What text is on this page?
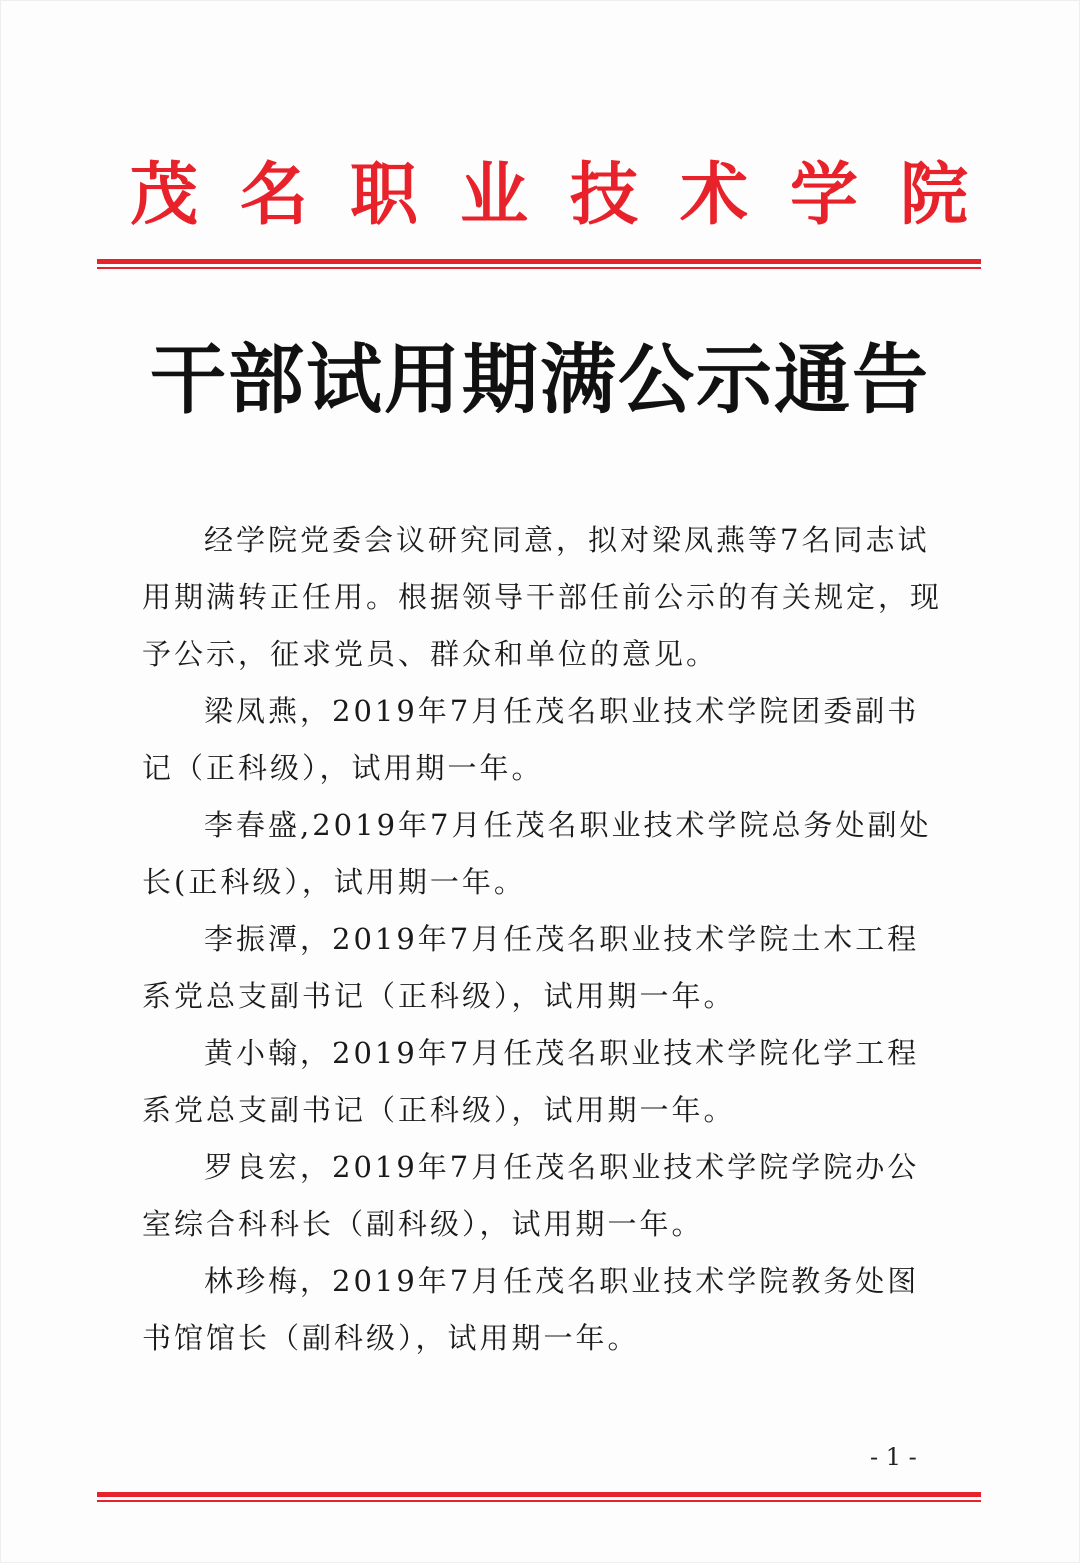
茂名职业技术学院
干部试用期满公示通告

经学院党委会议研究同意，拟对梁凤燕等7名同志试用期满转正任用。根据领导干部任前公示的有关规定，现予公示，征求党员、群众和单位的意见。

梁凤燕，2019年7月任茂名职业技术学院团委副书记（正科级），试用期一年。

李春盛,2019年7月任茂名职业技术学院总务处副处长(正科级），试用期一年。

李振潭，2019年7月任茂名职业技术学院土木工程系党总支副书记（正科级），试用期一年。

黄小翰，2019年7月任茂名职业技术学院化学工程系党总支副书记（正科级），试用期一年。

罗良宏，2019年7月任茂名职业技术学院学院办公室综合科科长（副科级），试用期一年。

林珍梅，2019年7月任茂名职业技术学院教务处图书馆馆长（副科级），试用期一年。

- 1 -
